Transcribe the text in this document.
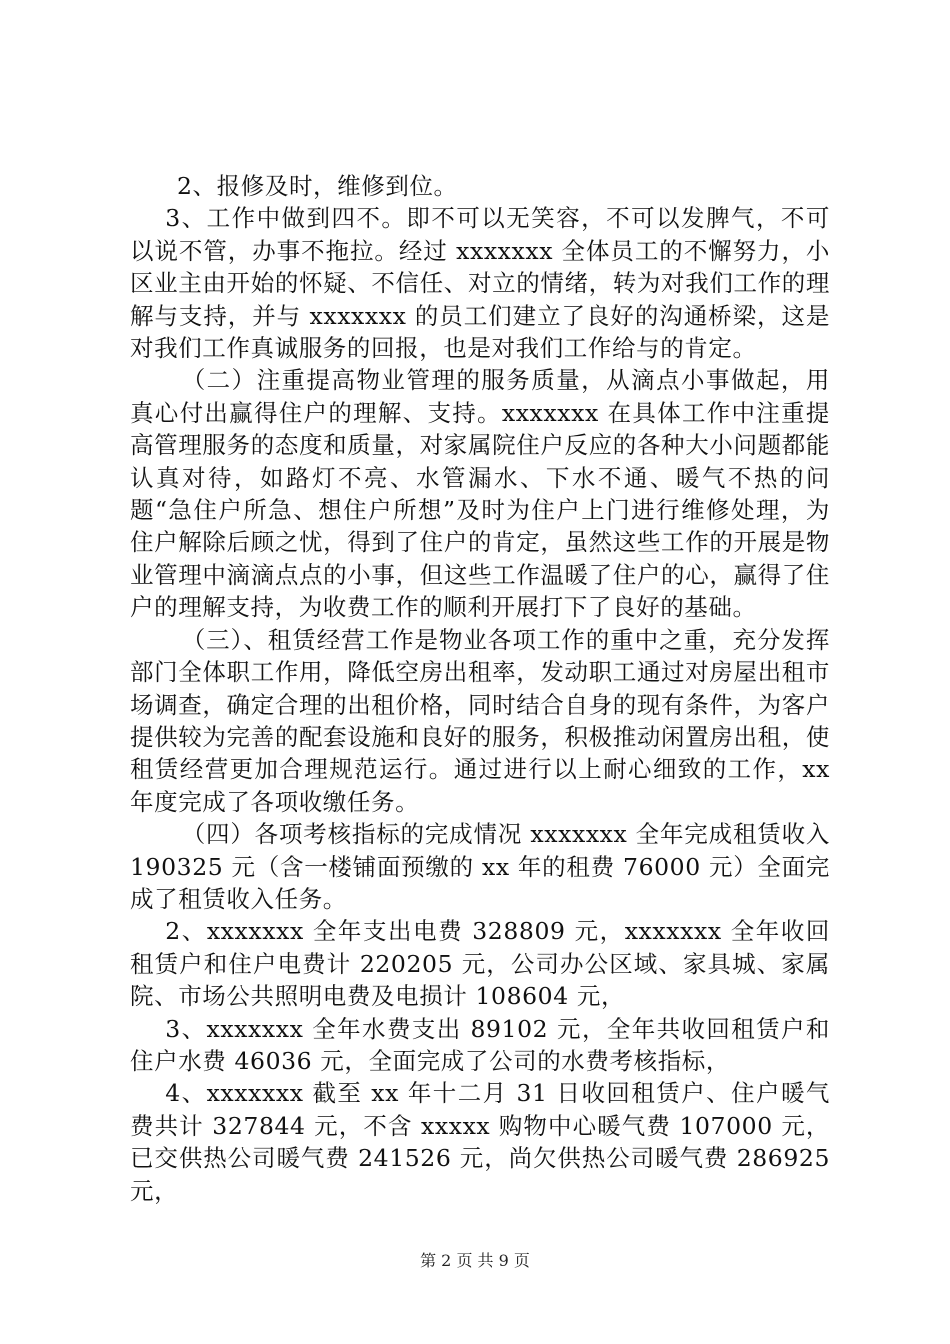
2、报修及时，维修到位。

3、工作中做到四不。即不可以无笑容，不可以发脾气，不可以说不管，办事不拖拉。经过 xxxxxxx 全体员工的不懈努力，小区业主由开始的怀疑、不信任、对立的情绪，转为对我们工作的理解与支持，并与 xxxxxxx 的员工们建立了良好的沟通桥梁，这是对我们工作真诚服务的回报，也是对我们工作给与的肯定。

（二）注重提高物业管理的服务质量，从滴点小事做起，用真心付出赢得住户的理解、支持。xxxxxxx 在具体工作中注重提高管理服务的态度和质量，对家属院住户反应的各种大小问题都能认真对待，如路灯不亮、水管漏水、下水不通、暖气不热的问题“急住户所急、想住户所想”及时为住户上门进行维修处理，为住户解除后顾之忧，得到了住户的肯定，虽然这些工作的开展是物业管理中滴滴点点的小事，但这些工作温暖了住户的心，赢得了住户的理解支持，为收费工作的顺利开展打下了良好的基础。

（三）、租赁经营工作是物业各项工作的重中之重，充分发挥部门全体职工作用，降低空房出租率，发动职工通过对房屋出租市场调查，确定合理的出租价格，同时结合自身的现有条件，为客户提供较为完善的配套设施和良好的服务，积极推动闲置房出租，使租赁经营更加合理规范运行。通过进行以上耐心细致的工作，xx 年度完成了各项收缴任务。

（四）各项考核指标的完成情况 xxxxxxx 全年完成租赁收入 190325 元（含一楼铺面预缴的 xx 年的租费 76000 元）全面完成了租赁收入任务。

2、xxxxxxx 全年支出电费 328809 元，xxxxxxx 全年收回租赁户和住户电费计 220205 元，公司办公区域、家具城、家属院、市场公共照明电费及电损计 108604 元，

3、xxxxxxx 全年水费支出 89102 元，全年共收回租赁户和住户水费 46036 元，全面完成了公司的水费考核指标，

4、xxxxxxx 截至 xx 年十二月 31 日收回租赁户、住户暖气费共计 327844 元，不含 xxxxx 购物中心暖气费 107000 元，已交供热公司暖气费 241526 元，尚欠供热公司暖气费 286925 元，

第 2 页 共 9 页
